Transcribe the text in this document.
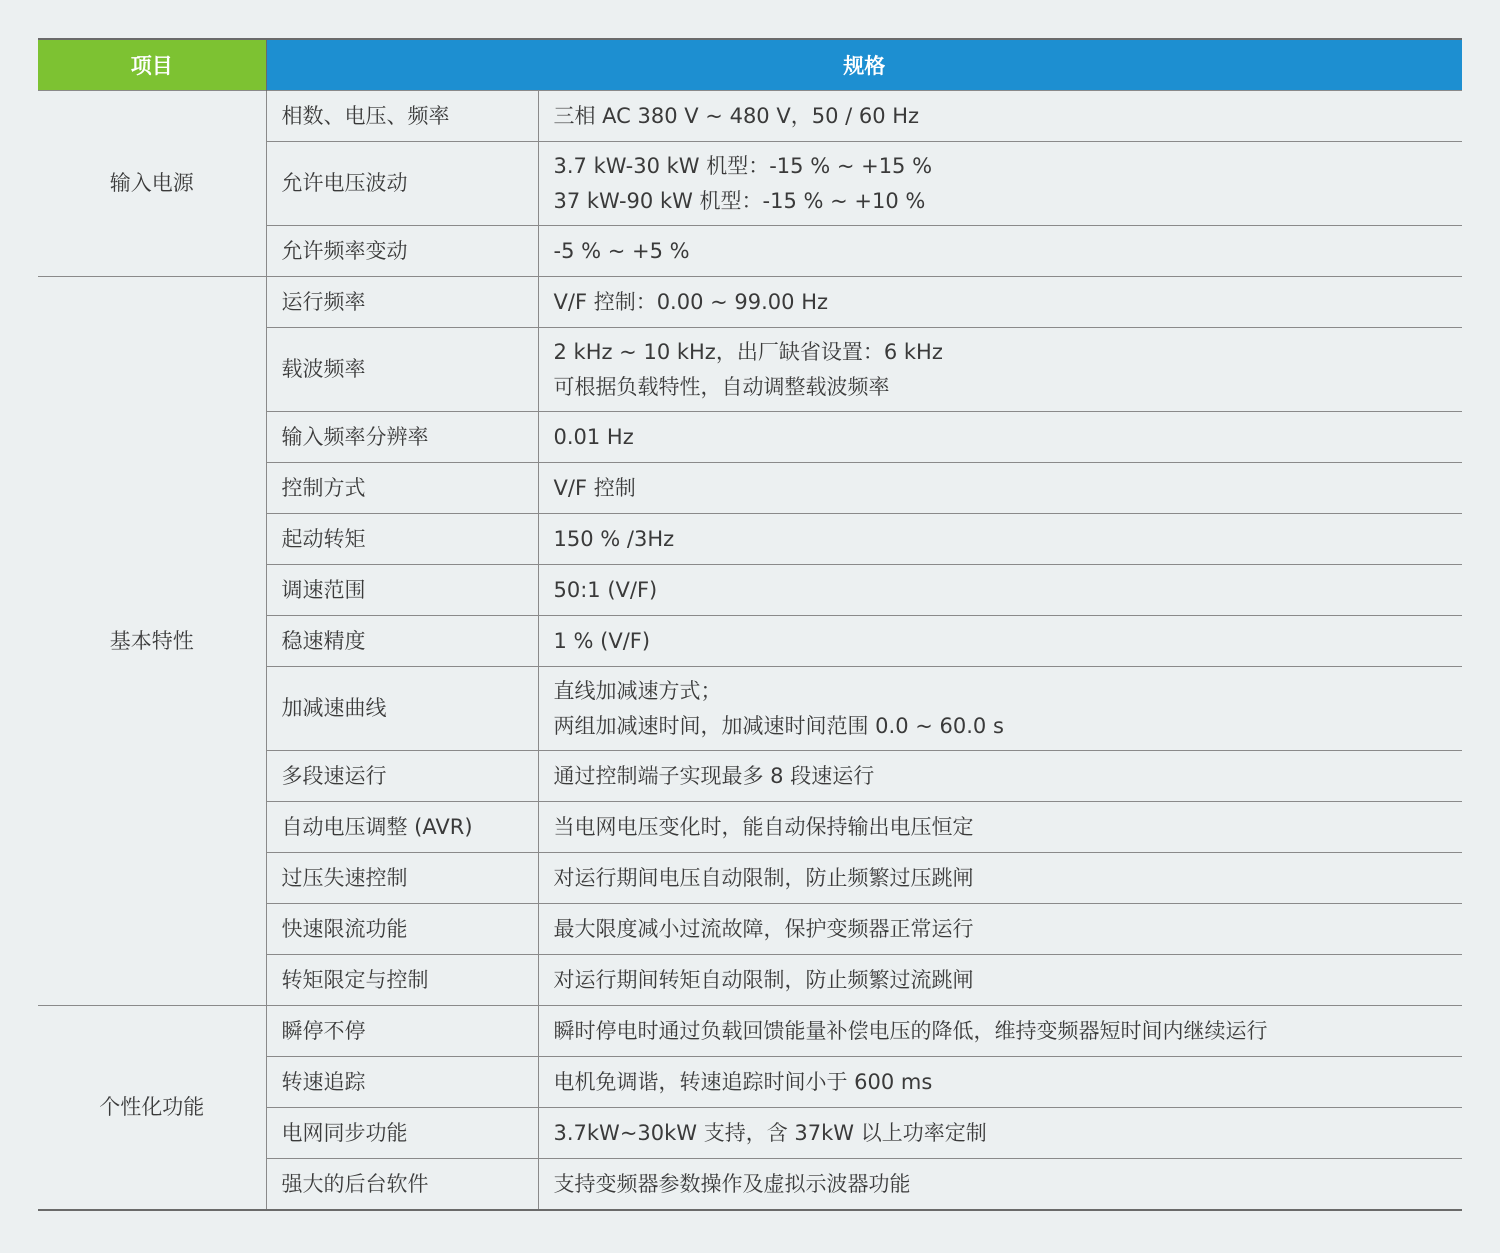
项目	规格	
输入电源	相数、电压、频率	三相 AC 380 V ~ 480 V，50 / 60 Hz

	允许电压波动	3.7 kW-30 kW 机型：-15 % ~ +15 %
37 kW-90 kW 机型：-15 % ~ +10 %

	允许频率变动	-5 % ~ +5 %

基本特性	运行频率	V/F 控制：0.00 ~ 99.00 Hz

	载波频率	2 kHz ~ 10 kHz，出厂缺省设置：6 kHz
可根据负载特性，自动调整载波频率

	输入频率分辨率	0.01 Hz

	控制方式	V/F 控制

	起动转矩	150 % /3Hz

	调速范围	50:1 (V/F)

	稳速精度	1 % (V/F)

	加减速曲线	直线加减速方式；
两组加减速时间，加减速时间范围 0.0 ~ 60.0 s

	多段速运行	通过控制端子实现最多 8 段速运行

	自动电压调整 (AVR)	当电网电压变化时，能自动保持输出电压恒定

	过压失速控制	对运行期间电压自动限制，防止频繁过压跳闸

	快速限流功能	最大限度减小过流故障，保护变频器正常运行

	转矩限定与控制	对运行期间转矩自动限制，防止频繁过流跳闸

个性化功能	瞬停不停	瞬时停电时通过负载回馈能量补偿电压的降低，维持变频器短时间内继续运行

	转速追踪	电机免调谐，转速追踪时间小于 600 ms

	电网同步功能	3.7kW~30kW 支持，含 37kW 以上功率定制

	强大的后台软件	支持变频器参数操作及虚拟示波器功能
